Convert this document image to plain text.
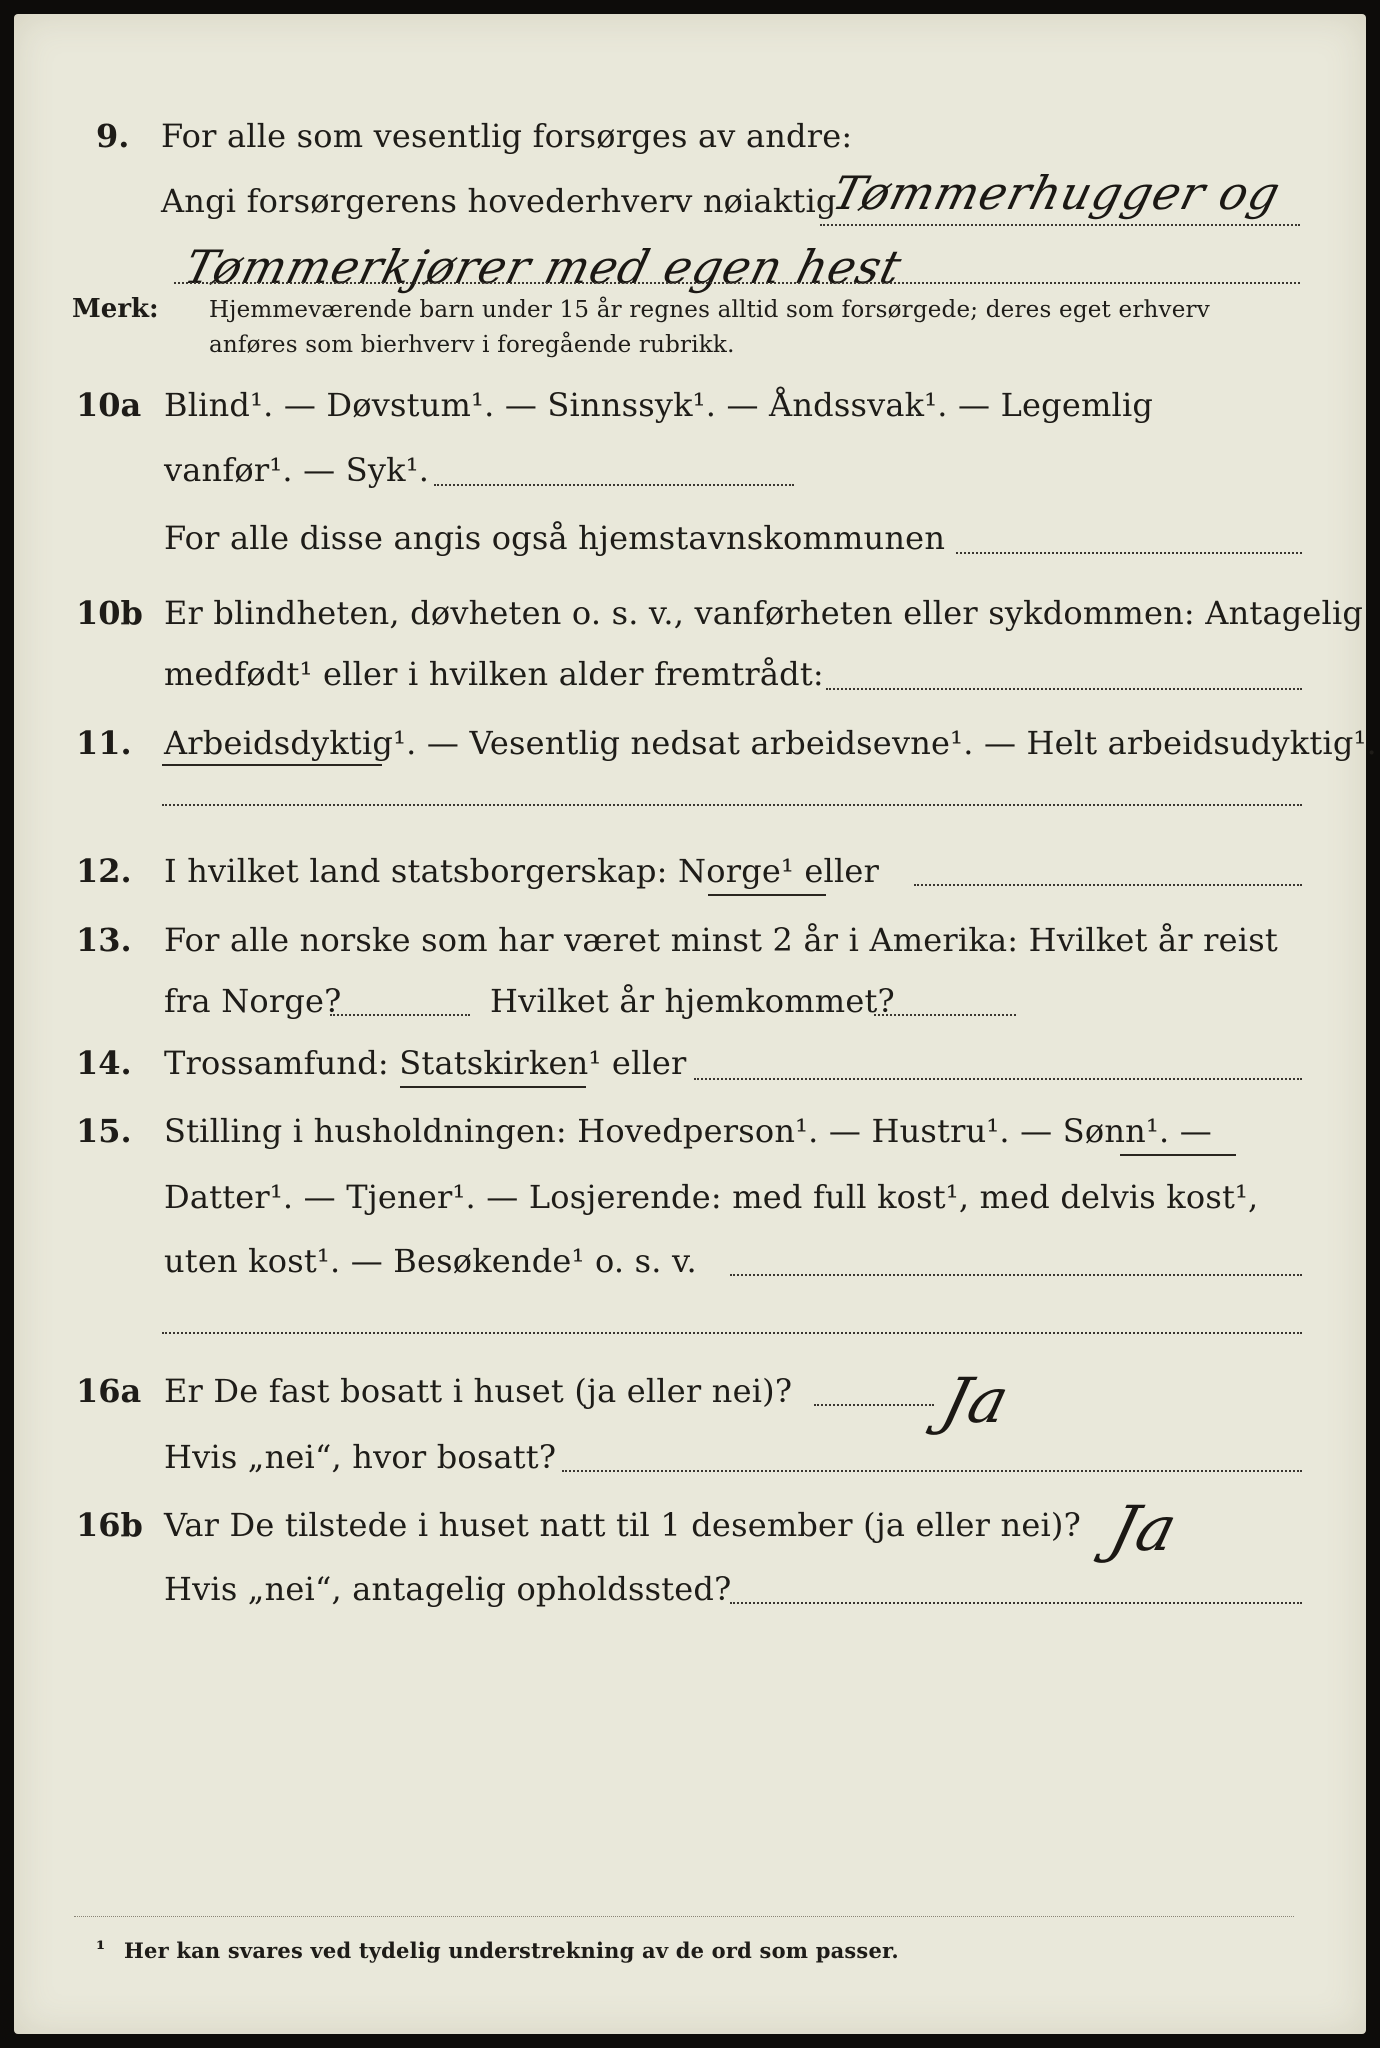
9. For alle som vesentlig forsørges av andre:
Angi forsørgerens hovederhverv nøiaktig
Tømmerhugger og
Tømmerkjører med egen hest
Merk: Hjemmeværende barn under 15 år regnes alltid som forsørgede; deres eget erhverv
anføres som bierhverv i foregående rubrikk.
10a Blind¹. — Døvstum¹. — Sinnssyk¹. — Åndssvak¹. — Legemlig
vanfør¹. — Syk¹.
For alle disse angis også hjemstavnskommunen
10b Er blindheten, døvheten o. s. v., vanførheten eller sykdommen: Antagelig
medfødt¹ eller i hvilken alder fremtrådt:
11. Arbeidsdyktig¹. — Vesentlig nedsat arbeidsevne¹. — Helt arbeidsudyktig¹.
12. I hvilket land statsborgerskap: Norge¹ eller
13. For alle norske som har været minst 2 år i Amerika: Hvilket år reist
fra Norge?	Hvilket år hjemkommet?
14. Trossamfund: Statskirken¹ eller
15. Stilling i husholdningen: Hovedperson¹. — Hustru¹. — Sønn¹. —
Datter¹. — Tjener¹. — Losjerende: med full kost¹, med delvis kost¹,
uten kost¹. — Besøkende¹ o. s. v.
16a Er De fast bosatt i huset (ja eller nei)? Ja
Hvis „nei“, hvor bosatt?
16b Var De tilstede i huset natt til 1 desember (ja eller nei)? Ja
Hvis „nei“, antagelig opholdssted?
¹ Her kan svares ved tydelig understrekning av de ord som passer.
